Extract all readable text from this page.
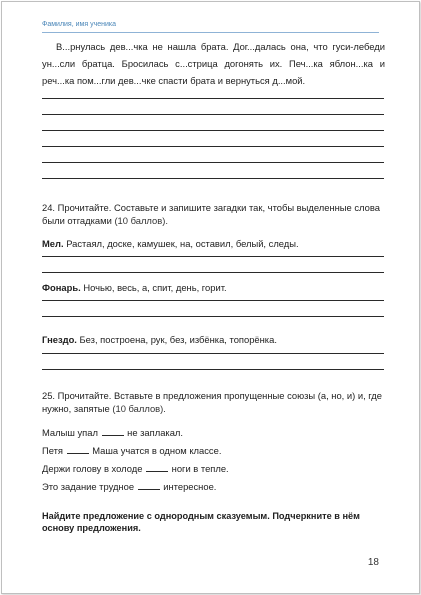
Фамилия, имя ученика
В...рнулась дев...чка не нашла брата. Дог...далась она, что гуси-лебеди ун...сли братца. Бросилась с...стрица догонять их. Печ...ка яблон...ка и реч...ка пом...гли дев...чке спасти брата и вернуться д...мой.
24. Прочитайте. Составьте и запишите загадки так, чтобы выделенные слова были отгадками (10 баллов).
Мел. Растаял, доске, камушек, на, оставил, белый, следы.
Фонарь. Ночью, весь, а, спит, день, горит.
Гнездо. Без, построена, рук, без, избёнка, топорёнка.
25. Прочитайте. Вставьте в предложения пропущенные союзы (а, но, и) и, где нужно, запятые (10 баллов).
Малыш упал	не заплакал.
Петя	Маша учатся в одном классе.
Держи голову в холоде	ноги в тепле.
Это задание трудное	интересное.
Найдите предложение с однородным сказуемым. Подчеркните в нём основу предложения.
18
